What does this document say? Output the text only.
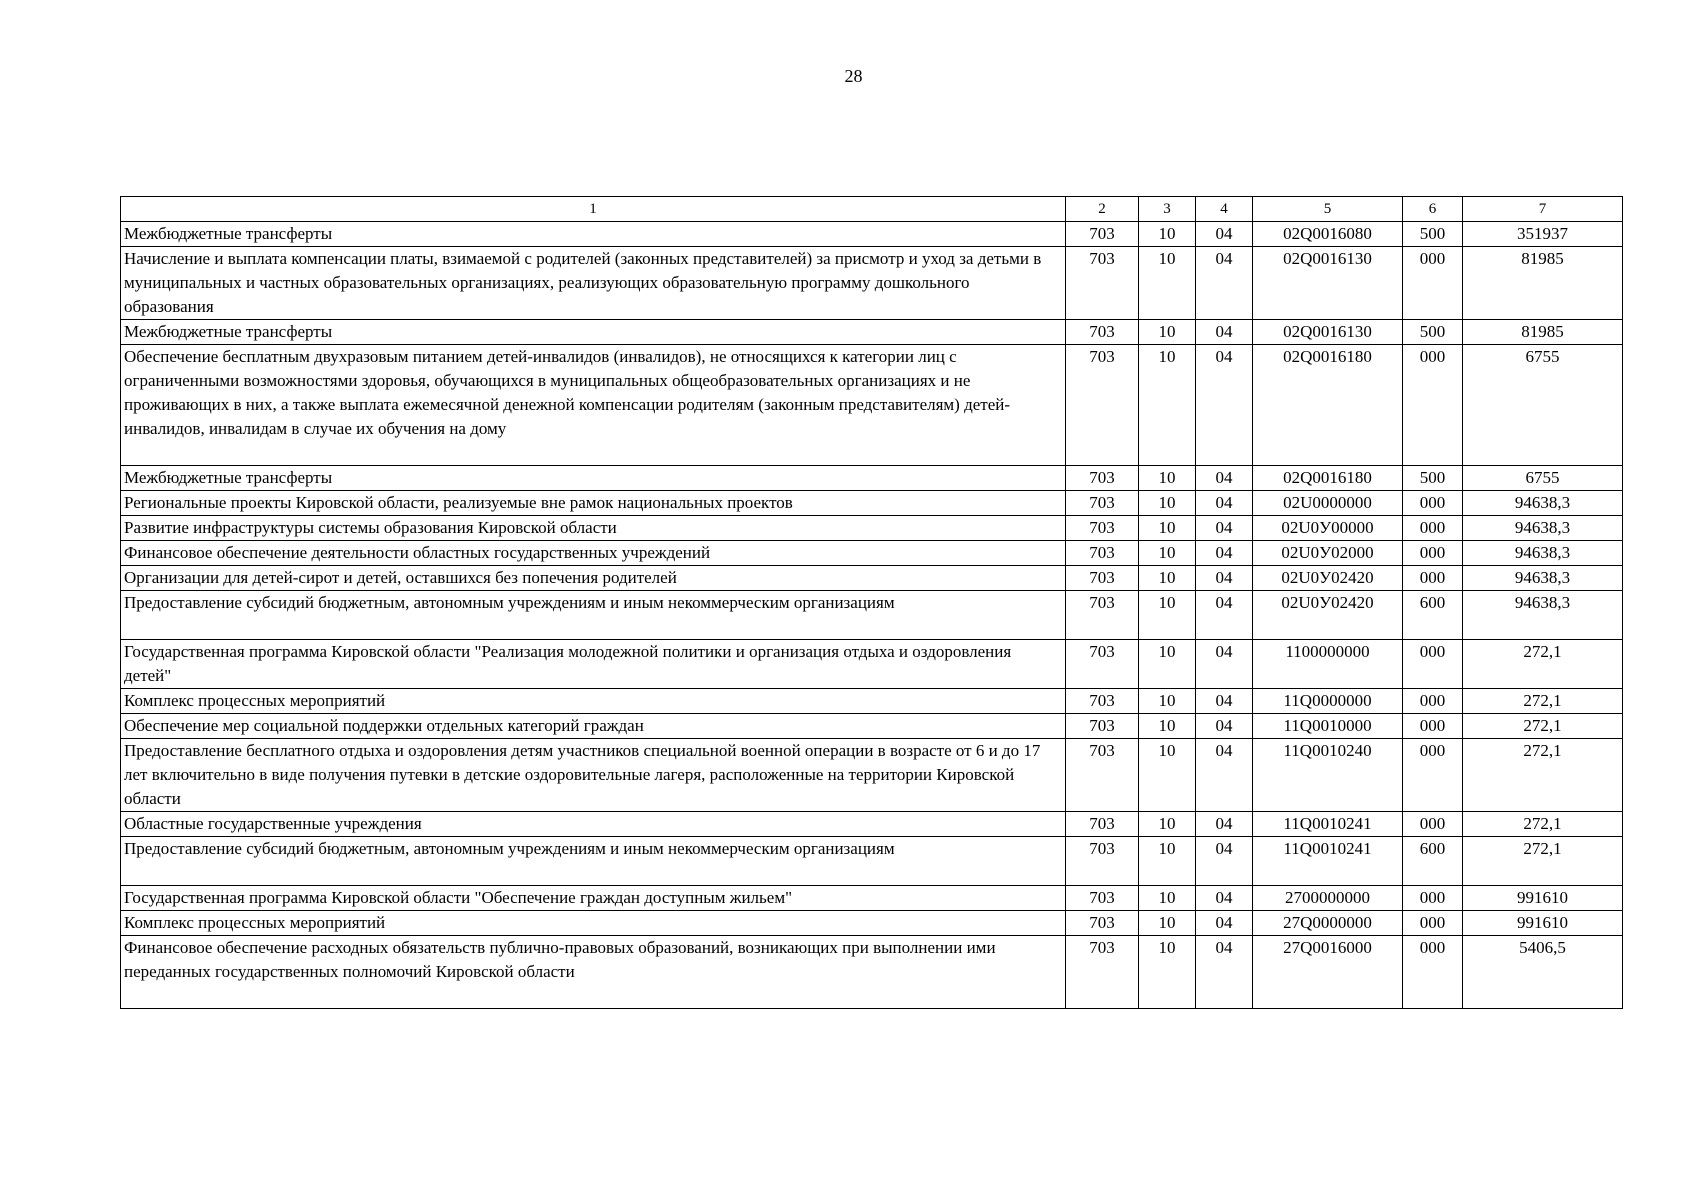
28
1	2	3	4	5	6	7
Межбюджетные трансферты	703	10	04	02Q0016080	500	351937
Начисление и выплата компенсации платы, взимаемой с родителей (законных представителей) за присмотр и уход за детьми в муниципальных и частных образовательных организациях, реализующих образовательную программу дошкольного образования	703	10	04	02Q0016130	000	81985
Межбюджетные трансферты	703	10	04	02Q0016130	500	81985
Обеспечение бесплатным двухразовым питанием детей-инвалидов (инвалидов), не относящихся к категории лиц с ограниченными возможностями здоровья, обучающихся в муниципальных общеобразовательных организациях и не проживающих в них, а также выплата ежемесячной денежной компенсации родителям (законным представителям) детей-инвалидов, инвалидам в случае их обучения на дому	703	10	04	02Q0016180	000	6755
Межбюджетные трансферты	703	10	04	02Q0016180	500	6755
Региональные проекты Кировской области, реализуемые вне рамок национальных проектов	703	10	04	02U0000000	000	94638,3
Развитие инфраструктуры системы образования Кировской области	703	10	04	02U0У00000	000	94638,3
Финансовое обеспечение деятельности областных государственных учреждений	703	10	04	02U0У02000	000	94638,3
Организации для детей-сирот и детей, оставшихся без попечения родителей	703	10	04	02U0У02420	000	94638,3
Предоставление субсидий бюджетным, автономным учреждениям и иным некоммерческим организациям	703	10	04	02U0У02420	600	94638,3
Государственная программа Кировской области "Реализация молодежной политики и организация отдыха и оздоровления детей"	703	10	04	1100000000	000	272,1
Комплекс процессных мероприятий	703	10	04	11Q0000000	000	272,1
Обеспечение мер социальной поддержки отдельных категорий граждан	703	10	04	11Q0010000	000	272,1
Предоставление бесплатного отдыха и оздоровления детям участников специальной военной операции в возрасте от 6 и до 17 лет включительно в виде получения путевки в детские оздоровительные лагеря, расположенные на территории Кировской области	703	10	04	11Q0010240	000	272,1
Областные государственные учреждения	703	10	04	11Q0010241	000	272,1
Предоставление субсидий бюджетным, автономным учреждениям и иным некоммерческим организациям	703	10	04	11Q0010241	600	272,1
Государственная программа Кировской области "Обеспечение граждан доступным жильем"	703	10	04	2700000000	000	991610
Комплекс процессных мероприятий	703	10	04	27Q0000000	000	991610
Финансовое обеспечение расходных обязательств публично-правовых образований, возникающих при выполнении ими переданных государственных полномочий Кировской области	703	10	04	27Q0016000	000	5406,5
